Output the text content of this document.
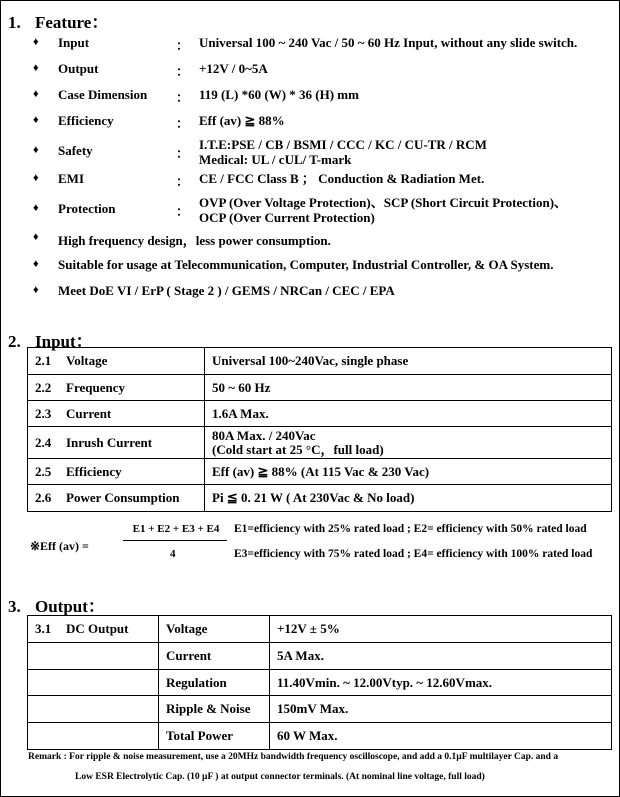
1. Feature：
♦ Input	： Universal 100 ~ 240 Vac / 50 ~ 60 Hz Input, without any slide switch.
♦ Output	： +12V / 0~5A
♦ Case Dimension ： 119 (L) *60 (W) * 36 (H) mm
♦ Efficiency	： Eff (av) ≧ 88%
♦ Safety	：
I.T.E:PSE / CB / BSMI / CCC / KC / CU-TR / RCM
Medical: UL / cUL/ T-mark
♦ EMI	： CE / FCC Class B ； Conduction & Radiation Met.
♦ Protection	：
OVP (Over Voltage Protection)、SCP (Short Circuit Protection)、
OCP (Over Current Protection)
♦ High frequency design，less power consumption.
♦ Suitable for usage at Telecommunication, Computer, Industrial Controller, & OA System.
♦ Meet DoE VI / ErP ( Stage 2 ) / GEMS / NRCan / CEC / EPA
2. Input：
2.1 Voltage	Universal 100~240Vac, single phase

2.2 Frequency	50 ~ 60 Hz

2.3 Current	1.6A Max.

2.4 Inrush Current	80A Max. / 240Vac
(Cold start at 25 °C，full load)

2.5 Efficiency	Eff (av) ≧ 88% (At 115 Vac & 230 Vac)

2.6 Power Consumption	Pi ≦ 0. 21 W ( At 230Vac & No load)
※Eff (av) =
E1 + E2 + E3 + E4
4
E1=efficiency with 25% rated load ; E2= efficiency with 50% rated load
E3=efficiency with 75% rated load ; E4= efficiency with 100% rated load
3. Output：
3.1 DC Output	Voltage	+12V ± 5%
	Current	5A Max.
	Regulation	11.40Vmin. ~ 12.00Vtyp. ~ 12.60Vmax.
	Ripple & Noise	150mV Max.
	Total Power	60 W Max.
Remark : For ripple & noise measurement, use a 20MHz bandwidth frequency oscilloscope, and add a 0.1µF multilayer Cap. and a
Low ESR Electrolytic Cap. (10 µF ) at output connector terminals. (At nominal line voltage, full load)
